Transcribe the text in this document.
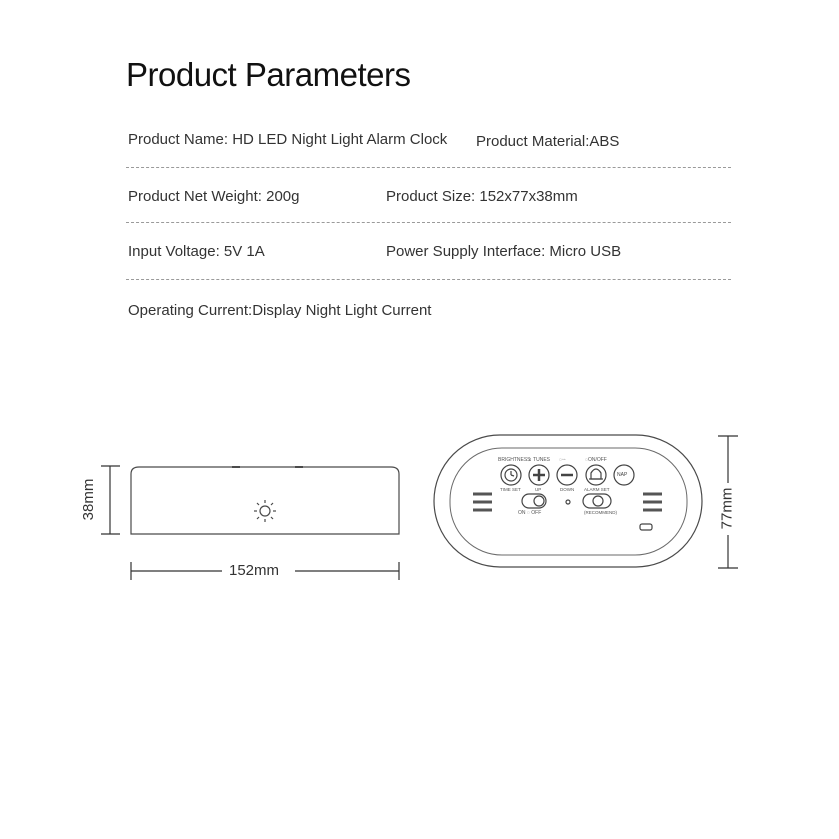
Product Parameters
Product Name: HD LED Night Light Alarm Clock Product Material:ABS
Product Net Weight: 200g	Product Size: 152x77x38mm
Input Voltage: 5V 1A	Power Supply Interface: Micro USB
Operating Current:Display Night Light Current
BRIGHTNESS
♫ TUNES ◌◦◦	◌ON/OFF
TIME SET	UP	DOWN ALARM SET
NAP
ON ◌ OFF	(RECOMMEND)
152mm
38mm	77mm
